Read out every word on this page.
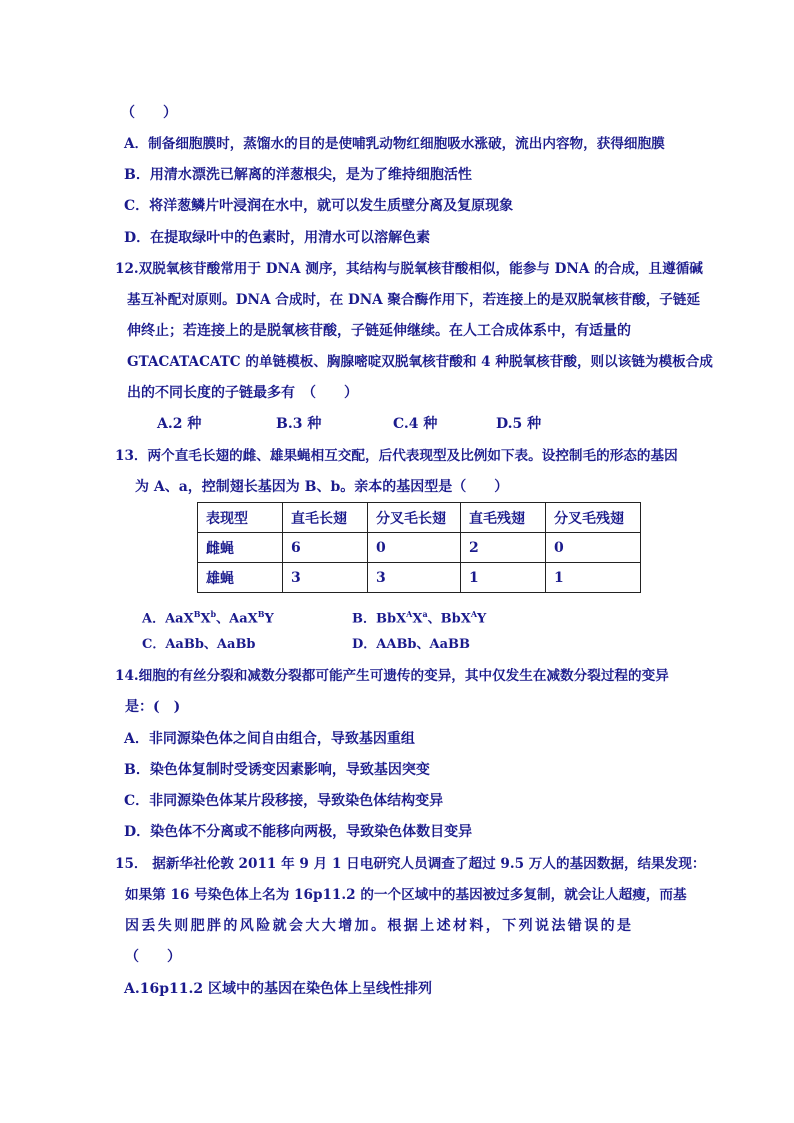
（　　）
A．制备细胞膜时，蒸馏水的目的是使哺乳动物红细胞吸水涨破，流出内容物，获得细胞膜
B．用清水漂洗已解离的洋葱根尖，是为了维持细胞活性
C．将洋葱鳞片叶浸润在水中，就可以发生质壁分离及复原现象
D．在提取绿叶中的色素时，用清水可以溶解色素
12.双脱氧核苷酸常用于 DNA 测序，其结构与脱氧核苷酸相似，能参与 DNA 的合成，且遵循碱
基互补配对原则。DNA 合成时，在 DNA 聚合酶作用下，若连接上的是双脱氧核苷酸，子链延
伸终止；若连接上的是脱氧核苷酸，子链延伸继续。在人工合成体系中，有适量的
GTACATACATC 的单链模板、胸腺嘧啶双脱氧核苷酸和 4 种脱氧核苷酸，则以该链为模板合成
出的不同长度的子链最多有　（　　）
A.2 种	B.3 种	C.4 种	D.5 种
13．两个直毛长翅的雌、雄果蝇相互交配，后代表现型及比例如下表。设控制毛的形态的基因
为 A、a，控制翅长基因为 B、b。亲本的基因型是（　　）
表现型	直毛长翅	分叉毛长翅	直毛残翅	分叉毛残翅
雌蝇	6	0	2	0
雄蝇	3	3	1	1
A．$AaX^BX^b$、AaX$^B$Y	B．$BbX^AX^a$、BbX$^A$Y
C．AaBb、AaBb	D．AABb、AaBB
14.细胞的有丝分裂和减数分裂都可能产生可遗传的变异，其中仅发生在减数分裂过程的变异
是：(　)
A．非同源染色体之间自由组合，导致基因重组
B．染色体复制时受诱变因素影响，导致基因突变
C．非同源染色体某片段移接，导致染色体结构变异
D．染色体不分离或不能移向两极，导致染色体数目变异
15． 据新华社伦敦 2011 年 9 月 1 日电研究人员调查了超过 9.5 万人的基因数据，结果发现：
如果第 16 号染色体上名为 16p11.2 的一个区域中的基因被过多复制，就会让人超瘦，而基
因丢失则肥胖的风险就会大大增加。根据上述材料，下列说法错误的是
（　　）
A.16p11.2 区域中的基因在染色体上呈线性排列
